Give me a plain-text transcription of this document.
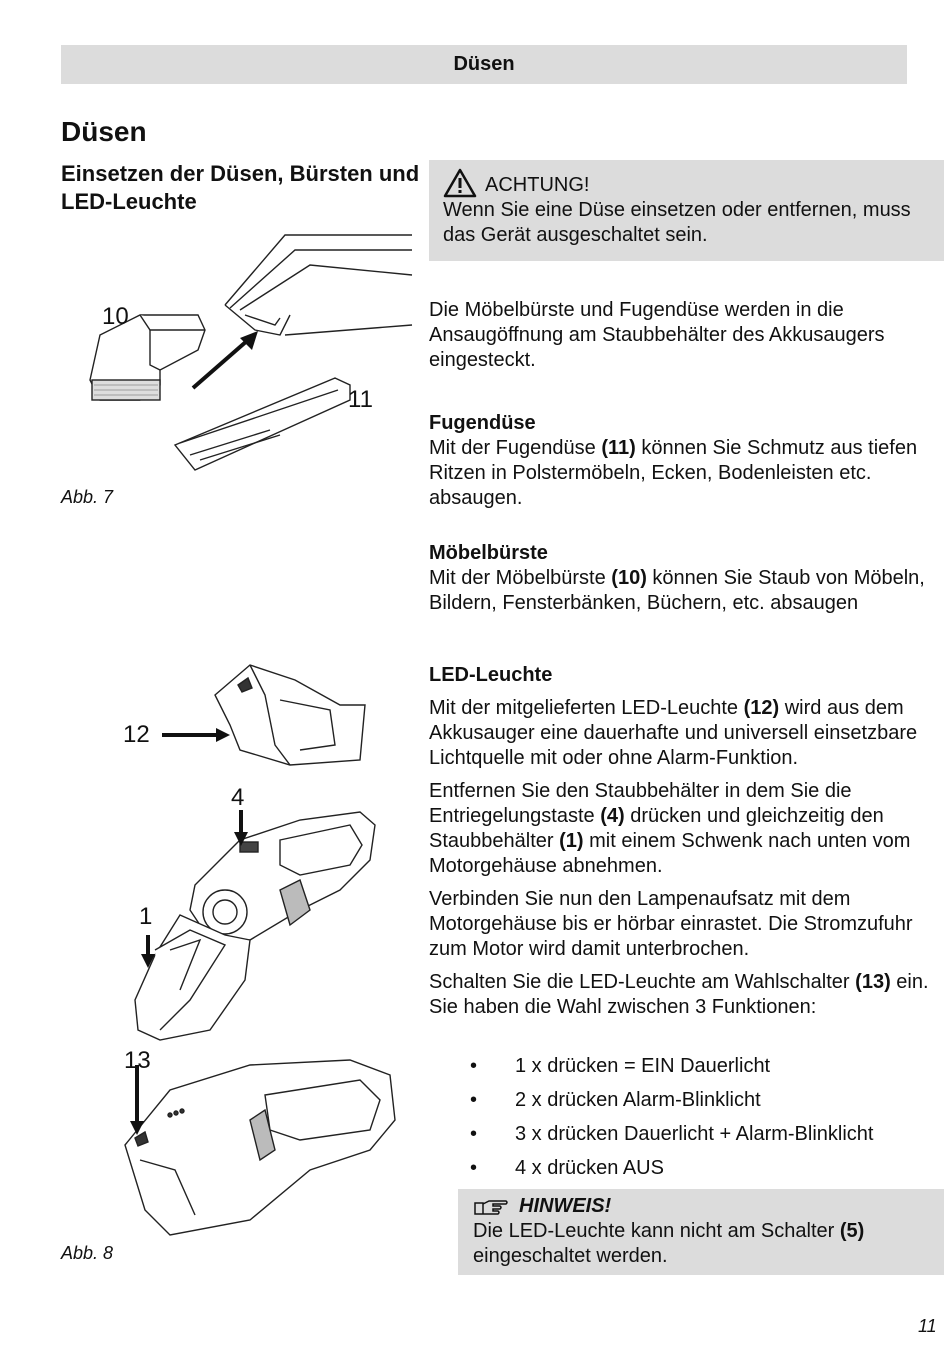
Düsen
Düsen
Einsetzen der Düsen, Bürsten und LED-Leuchte
ACHTUNG!
Wenn Sie eine Düse einsetzen oder entfernen, muss das Gerät ausgeschaltet sein.
10
11
Abb. 7
12
4
1
13
Abb. 8

Die Möbelbürste und Fugendüse werden in die Ansaugöffnung am Staubbehälter des Akkusaugers eingesteckt.

Fugendüse

Mit der Fugendüse (11) können Sie Schmutz aus tiefen Ritzen in Polstermöbeln, Ecken, Bodenleisten etc. absaugen.

Möbelbürste

Mit der Möbelbürste (10) können Sie Staub von Möbeln, Bildern, Fensterbänken, Büchern, etc. absaugen

LED-Leuchte

Mit der mitgelieferten LED-Leuchte (12) wird aus dem Akkusauger eine dauerhafte und universell einsetzbare Lichtquelle mit oder ohne Alarm-Funktion.

Entfernen Sie den Staubbehälter in dem Sie die Entriegelungstaste (4) drücken und gleichzeitig den Staubbehälter (1) mit einem Schwenk nach unten vom Motorgehäuse abnehmen.

Verbinden Sie nun den Lampenaufsatz mit dem Motorgehäuse bis er hörbar einrastet. Die Stromzufuhr zum Motor wird damit unterbrochen.

Schalten Sie die LED-Leuchte am Wahlschalter (13) ein. Sie haben die Wahl zwischen 3 Funktionen:

•	1 x drücken = EIN Dauerlicht
•	2 x drücken Alarm-Blinklicht
•	3 x drücken Dauerlicht + Alarm-Blinklicht
•	4 x drücken AUS
HINWEIS!
Die LED-Leuchte kann nicht am Schalter (5) eingeschaltet werden.
11
